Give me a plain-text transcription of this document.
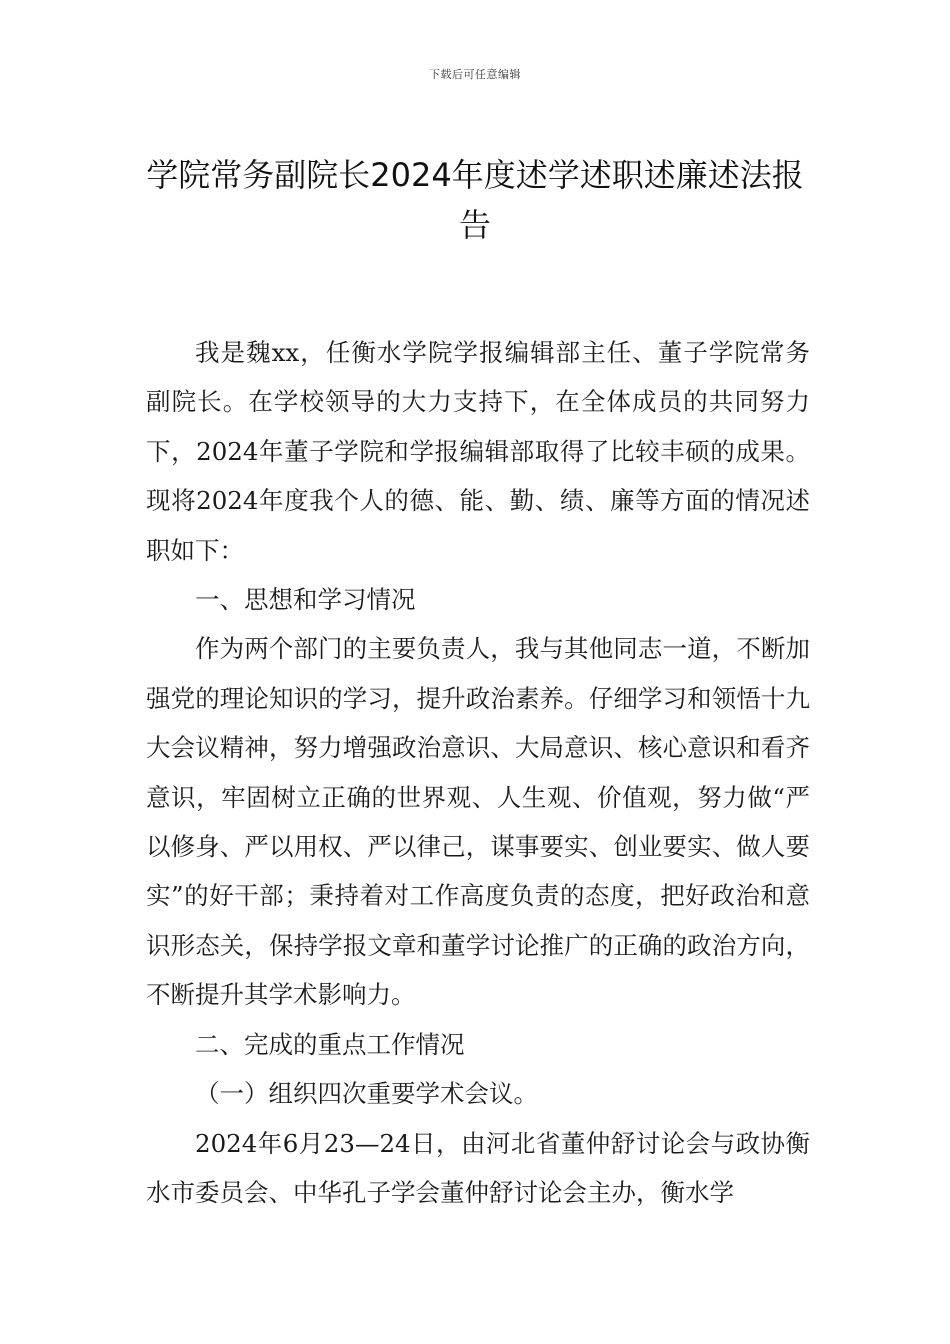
下载后可任意编辑
学院常务副院长2024年度述学述职述廉述法报告

我是魏xx，任衡水学院学报编辑部主任、董子学院常务副院长。在学校领导的大力支持下，在全体成员的共同努力下，2024年董子学院和学报编辑部取得了比较丰硕的成果。现将2024年度我个人的德、能、勤、绩、廉等方面的情况述职如下：

一、思想和学习情况

作为两个部门的主要负责人，我与其他同志一道，不断加强党的理论知识的学习，提升政治素养。仔细学习和领悟十九大会议精神，努力增强政治意识、大局意识、核心意识和看齐意识，牢固树立正确的世界观、人生观、价值观，努力做“严以修身、严以用权、严以律己，谋事要实、创业要实、做人要实”的好干部；秉持着对工作高度负责的态度，把好政治和意识形态关，保持学报文章和董学讨论推广的正确的政治方向，不断提升其学术影响力。

二、完成的重点工作情况

（一）组织四次重要学术会议。

2024年6月23—24日，由河北省董仲舒讨论会与政协衡水市委员会、中华孔子学会董仲舒讨论会主办，衡水学
